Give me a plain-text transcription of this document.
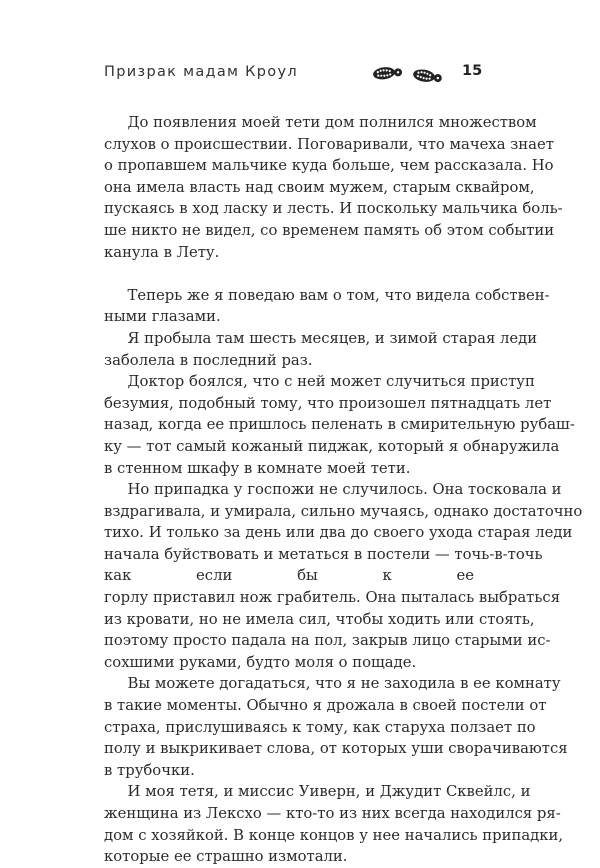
Призрак мадам Кроул	15
До появления моей тети дом полнился множеством
слухов о происшествии. Поговаривали, что мачеха знает
о пропавшем мальчике куда больше, чем рассказала. Но
она имела власть над своим мужем, старым сквайром,
пускаясь в ход ласку и лесть. И поскольку мальчика боль-
ше никто не видел, со временем память об этом событии
канула в Лету.
Теперь же я поведаю вам о том, что видела собствен-
ными глазами.
Я пробыла там шесть месяцев, и зимой старая леди
заболела в последний раз.
Доктор боялся, что с ней может случиться приступ
безумия, подобный тому, что произошел пятнадцать лет
назад, когда ее пришлось пеленать в смирительную рубаш-
ку — тот самый кожаный пиджак, который я обнаружила
в стенном шкафу в комнате моей тети.
Но припадка у госпожи не случилось. Она тосковала и
вздрагивала, и умирала, сильно мучаясь, однако достаточно
тихо. И только за день или два до своего ухода старая леди
начала буйствовать и метаться в постели — точь-в-точь
как если бы к ее
горлу приставил нож грабитель. Она пыталась выбраться
из кровати, но не имела сил, чтобы ходить или стоять,
поэтому просто падала на пол, закрыв лицо старыми ис-
сохшими руками, будто моля о пощаде.
Вы можете догадаться, что я не заходила в ее комнату
в такие моменты. Обычно я дрожала в своей постели от
страха, прислушиваясь к тому, как старуха ползает по
полу и выкрикивает слова, от которых уши сворачиваются
в трубочки.
И моя тетя, и миссис Уиверн, и Джудит Сквейлс, и
женщина из Лексхо — кто-то из них всегда находился ря-
дом с хозяйкой. В конце концов у нее начались припадки,
которые ее страшно измотали.
